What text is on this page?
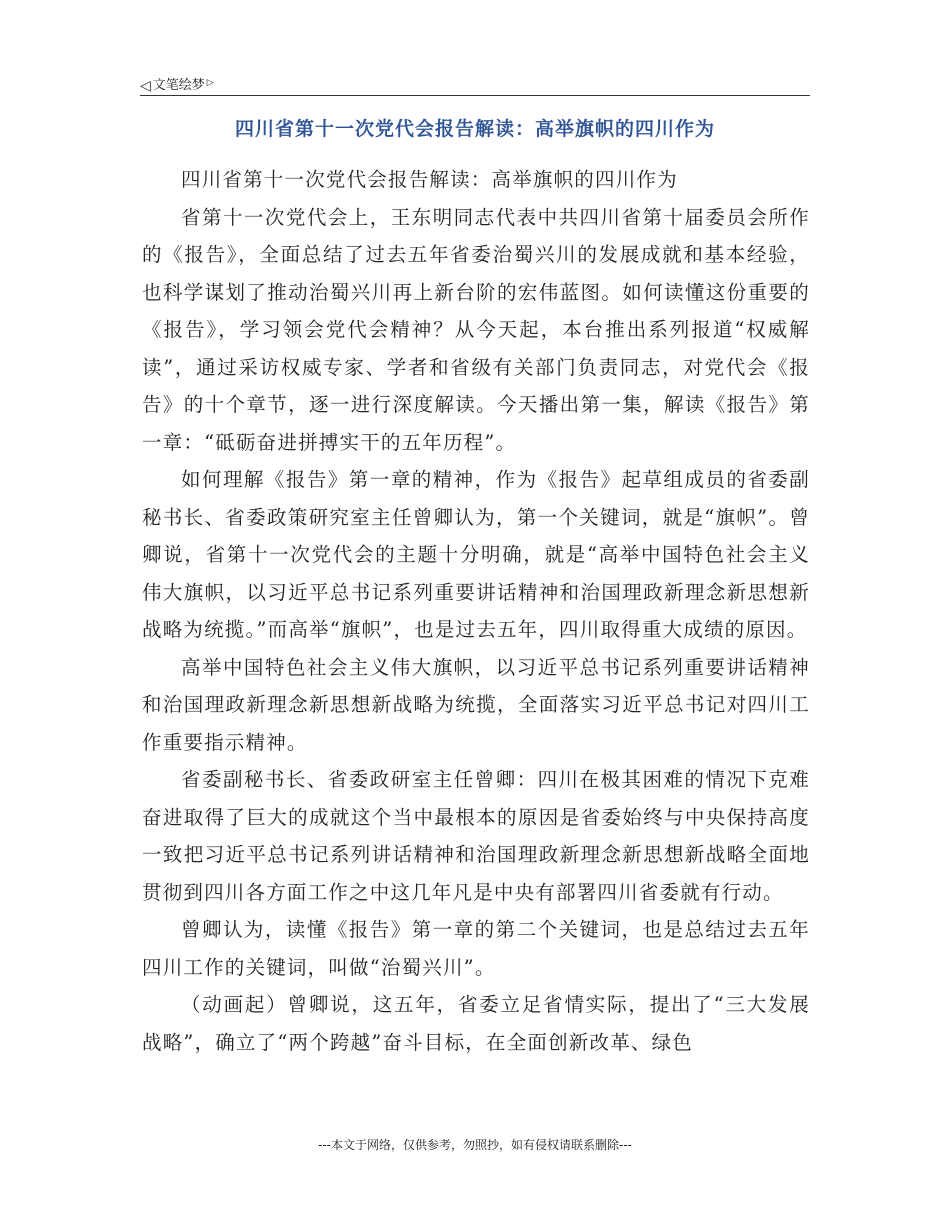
◁ 文笔绘梦 ▷
四川省第十一次党代会报告解读：高举旗帜的四川作为

四川省第十一次党代会报告解读：高举旗帜的四川作为

省第十一次党代会上，王东明同志代表中共四川省第十届委员会所作的《报告》，全面总结了过去五年省委治蜀兴川的发展成就和基本经验，也科学谋划了推动治蜀兴川再上新台阶的宏伟蓝图。如何读懂这份重要的《报告》，学习领会党代会精神？从今天起，本台推出系列报道“权威解读”，通过采访权威专家、学者和省级有关部门负责同志，对党代会《报告》的十个章节，逐一进行深度解读。今天播出第一集，解读《报告》第一章：“砥砺奋进拼搏实干的五年历程”。

如何理解《报告》第一章的精神，作为《报告》起草组成员的省委副秘书长、省委政策研究室主任曾卿认为，第一个关键词，就是“旗帜”。曾卿说，省第十一次党代会的主题十分明确，就是“高举中国特色社会主义伟大旗帜，以习近平总书记系列重要讲话精神和治国理政新理念新思想新战略为统揽。”而高举“旗帜”，也是过去五年，四川取得重大成绩的原因。

高举中国特色社会主义伟大旗帜，以习近平总书记系列重要讲话精神和治国理政新理念新思想新战略为统揽，全面落实习近平总书记对四川工作重要指示精神。

省委副秘书长、省委政研室主任曾卿：四川在极其困难的情况下克难奋进取得了巨大的成就这个当中最根本的原因是省委始终与中央保持高度一致把习近平总书记系列讲话精神和治国理政新理念新思想新战略全面地贯彻到四川各方面工作之中这几年凡是中央有部署四川省委就有行动。

曾卿认为，读懂《报告》第一章的第二个关键词，也是总结过去五年四川工作的关键词，叫做“治蜀兴川”。

（动画起）曾卿说，这五年，省委立足省情实际，提出了“三大发展战略”，确立了“两个跨越”奋斗目标，在全面创新改革、绿色

---本文于网络，仅供参考，勿照抄，如有侵权请联系删除---
